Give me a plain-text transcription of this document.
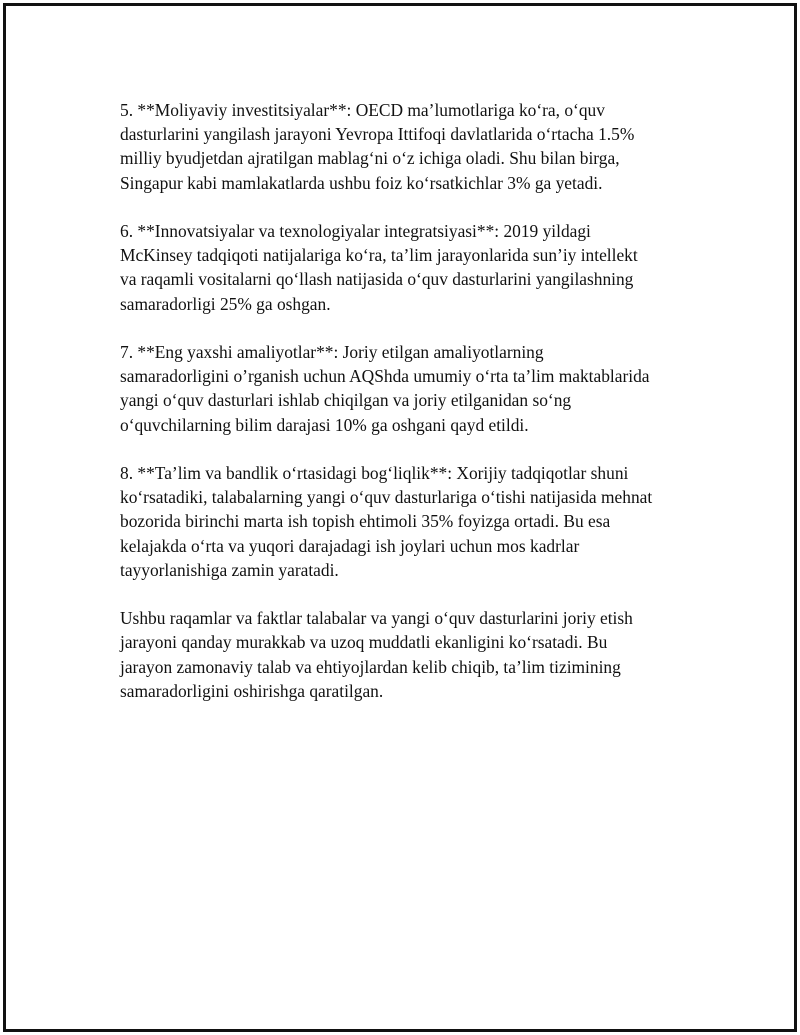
5. **Moliyaviy investitsiyalar**: OECD ma’lumotlariga ko‘ra, o‘quv
dasturlarini yangilash jarayoni Yevropa Ittifoqi davlatlarida o‘rtacha 1.5%
milliy byudjetdan ajratilgan mablag‘ni o‘z ichiga oladi. Shu bilan birga,
Singapur kabi mamlakatlarda ushbu foiz ko‘rsatkichlar 3% ga yetadi.

6. **Innovatsiyalar va texnologiyalar integratsiyasi**: 2019 yildagi
McKinsey tadqiqoti natijalariga ko‘ra, ta’lim jarayonlarida sun’iy intellekt
va raqamli vositalarni qo‘llash natijasida o‘quv dasturlarini yangilashning
samaradorligi 25% ga oshgan.

7. **Eng yaxshi amaliyotlar**: Joriy etilgan amaliyotlarning
samaradorligini o’rganish uchun AQShda umumiy o‘rta ta’lim maktablarida
yangi o‘quv dasturlari ishlab chiqilgan va joriy etilganidan so‘ng
o‘quvchilarning bilim darajasi 10% ga oshgani qayd etildi.

8. **Ta’lim va bandlik o‘rtasidagi bog‘liqlik**: Xorijiy tadqiqotlar shuni
ko‘rsatadiki, talabalarning yangi o‘quv dasturlariga o‘tishi natijasida mehnat
bozorida birinchi marta ish topish ehtimoli 35% foyizga ortadi. Bu esa
kelajakda o‘rta va yuqori darajadagi ish joylari uchun mos kadrlar
tayyorlanishiga zamin yaratadi.

Ushbu raqamlar va faktlar talabalar va yangi o‘quv dasturlarini joriy etish
jarayoni qanday murakkab va uzoq muddatli ekanligini ko‘rsatadi. Bu
jarayon zamonaviy talab va ehtiyojlardan kelib chiqib, ta’lim tizimining
samaradorligini oshirishga qaratilgan.
